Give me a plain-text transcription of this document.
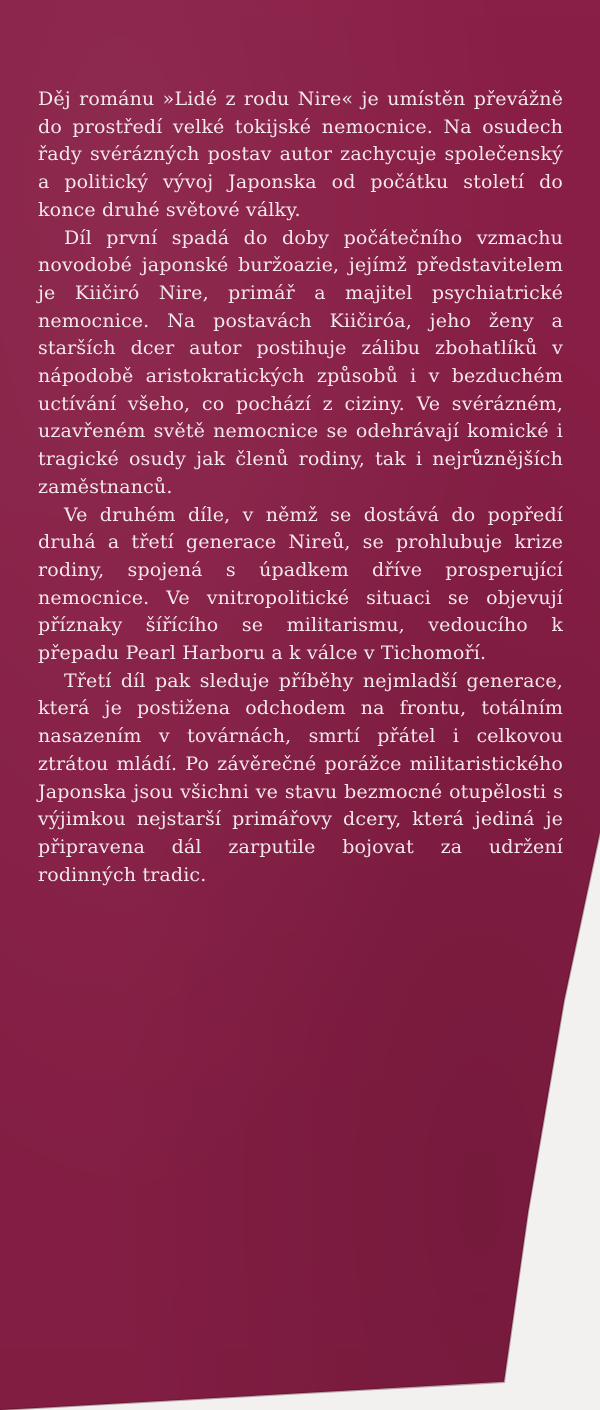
Děj románu »Lidé z rodu Nire« je umístěn převážně do prostředí velké tokijské nemocnice. Na osudech řady svérázných postav autor zachycuje společenský a politický vývoj Japonska od počátku století do konce druhé světové války.

Díl první spadá do doby počátečního vzmachu novodobé japonské buržoazie, jejímž představitelem je Kiičiró Nire, primář a majitel psychiatrické nemocnice. Na postavách Kiičiróa, jeho ženy a starších dcer autor postihuje zálibu zbohatlíků v nápodobě aristokratických způsobů i v bezduchém uctívání všeho, co pochází z ciziny. Ve svérázném, uzavřeném světě nemocnice se odehrávají komické i tragické osudy jak členů rodiny, tak i nejrůznějších zaměstnanců.

Ve druhém díle, v němž se dostává do popředí druhá a třetí generace Nireů, se prohlubuje krize rodiny, spojená s úpadkem dříve prosperující nemocnice. Ve vnitropolitické situaci se objevují příznaky šířícího se militarismu, vedoucího k přepadu Pearl Harboru a k válce v Tichomoří.

Třetí díl pak sleduje příběhy nejmladší generace, která je postižena odchodem na frontu, totálním nasazením v továrnách, smrtí přátel i celkovou ztrátou mládí. Po závěrečné porážce militaristického Japonska jsou všichni ve stavu bezmocné otupělosti s výjimkou nejstarší primářovy dcery, která jediná je připravena dál zarputile bojovat za udržení rodinných tradic.
